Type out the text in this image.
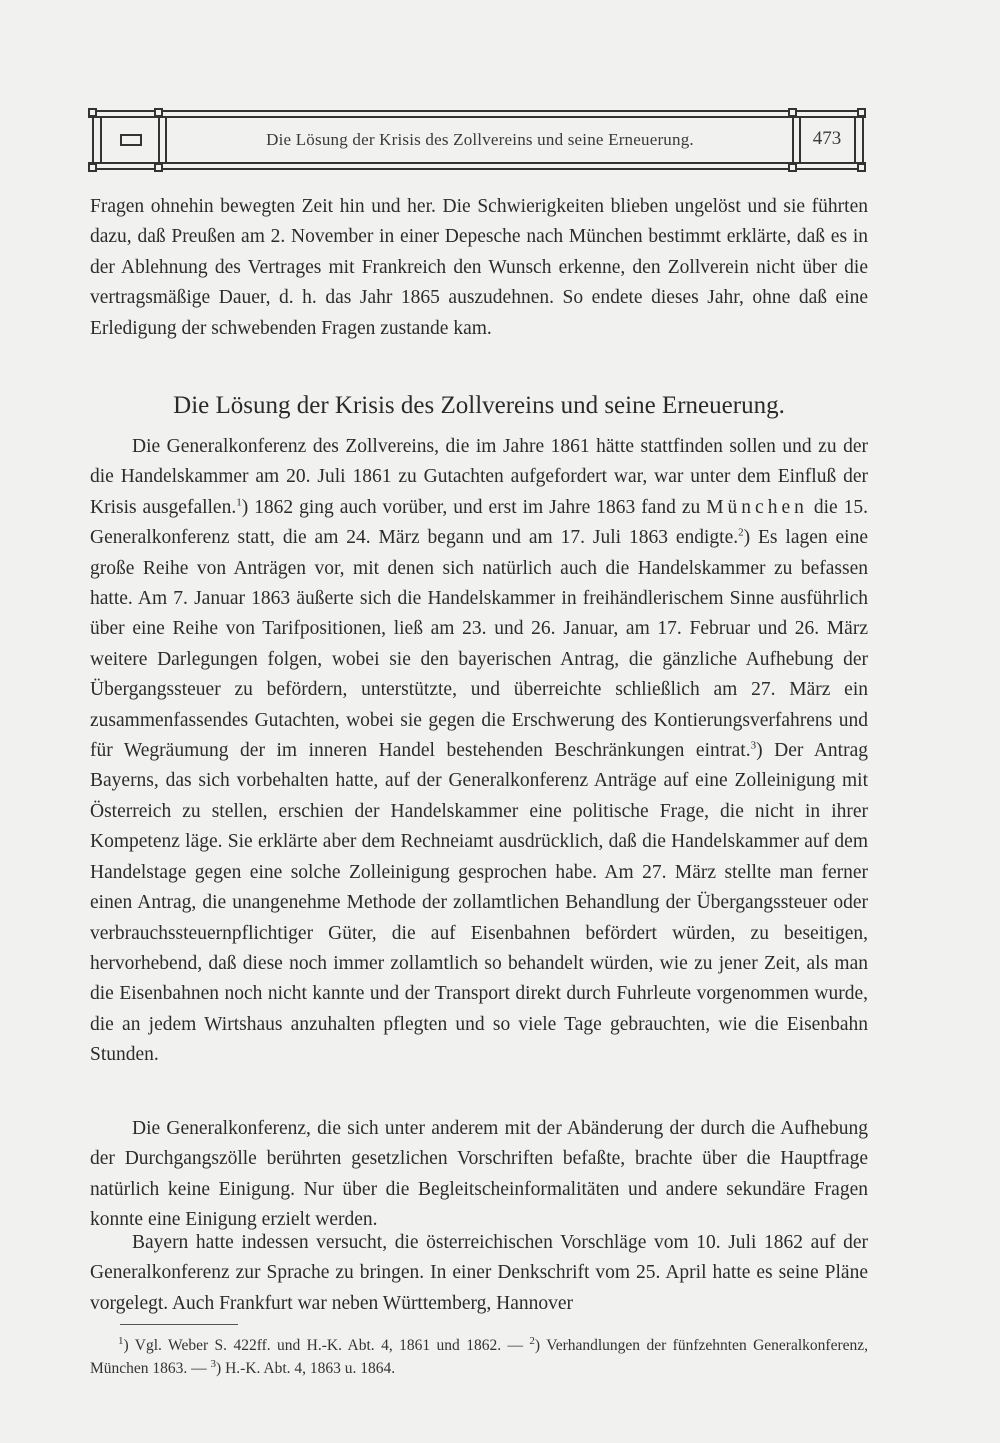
Die Lösung der Krisis des Zollvereins und seine Erneuerung.	473
Fragen ohnehin bewegten Zeit hin und her. Die Schwierigkeiten blieben ungelöst und sie führten dazu, daß Preußen am 2. November in einer Depesche nach München bestimmt erklärte, daß es in der Ablehnung des Vertrages mit Frankreich den Wunsch erkenne, den Zollverein nicht über die vertragsmäßige Dauer, d. h. das Jahr 1865 auszudehnen. So endete dieses Jahr, ohne daß eine Erledigung der schwebenden Fragen zustande kam.
Die Lösung der Krisis des Zollvereins und seine Erneuerung.
Die Generalkonferenz des Zollvereins, die im Jahre 1861 hätte stattfinden sollen und zu der die Handelskammer am 20. Juli 1861 zu Gutachten aufgefordert war, war unter dem Einfluß der Krisis ausgefallen.$^1$) 1862 ging auch vorüber, und erst im Jahre 1863 fand zu München die 15. Generalkonferenz statt, die am 24. März begann und am 17. Juli 1863 endigte.$^2$) Es lagen eine große Reihe von Anträgen vor, mit denen sich natürlich auch die Handelskammer zu befassen hatte. Am 7. Januar 1863 äußerte sich die Handelskammer in freihändlerischem Sinne ausführlich über eine Reihe von Tarifpositionen, ließ am 23. und 26. Januar, am 17. Februar und 26. März weitere Darlegungen folgen, wobei sie den bayerischen Antrag, die gänzliche Aufhebung der Übergangssteuer zu befördern, unterstützte, und überreichte schließlich am 27. März ein zusammenfassendes Gutachten, wobei sie gegen die Erschwerung des Kontierungsverfahrens und für Wegräumung der im inneren Handel bestehenden Beschränkungen eintrat.$^3$) Der Antrag Bayerns, das sich vorbehalten hatte, auf der Generalkonferenz Anträge auf eine Zolleinigung mit Österreich zu stellen, erschien der Handelskammer eine politische Frage, die nicht in ihrer Kompetenz läge. Sie erklärte aber dem Rechneiamt ausdrücklich, daß die Handelskammer auf dem Handelstage gegen eine solche Zolleinigung gesprochen habe. Am 27. März stellte man ferner einen Antrag, die unangenehme Methode der zollamtlichen Behandlung der Übergangssteuer oder verbrauchssteuernpflichtiger Güter, die auf Eisenbahnen befördert würden, zu beseitigen, hervorhebend, daß diese noch immer zollamtlich so behandelt würden, wie zu jener Zeit, als man die Eisenbahnen noch nicht kannte und der Transport direkt durch Fuhrleute vorgenommen wurde, die an jedem Wirtshaus anzuhalten pflegten und so viele Tage gebrauchten, wie die Eisenbahn Stunden.
Die Generalkonferenz, die sich unter anderem mit der Abänderung der durch die Aufhebung der Durchgangszölle berührten gesetzlichen Vorschriften befaßte, brachte über die Hauptfrage natürlich keine Einigung. Nur über die Begleitscheinformalitäten und andere sekundäre Fragen konnte eine Einigung erzielt werden.
Bayern hatte indessen versucht, die österreichischen Vorschläge vom 10. Juli 1862 auf der Generalkonferenz zur Sprache zu bringen. In einer Denkschrift vom 25. April hatte es seine Pläne vorgelegt. Auch Frankfurt war neben Württemberg, Hannover
$^1$) Vgl. Weber S. 422ff. und H.-K. Abt. 4, 1861 und 1862. — $^2$) Verhandlungen der fünfzehnten Generalkonferenz, München 1863. — $^3$) H.-K. Abt. 4, 1863 u. 1864.
